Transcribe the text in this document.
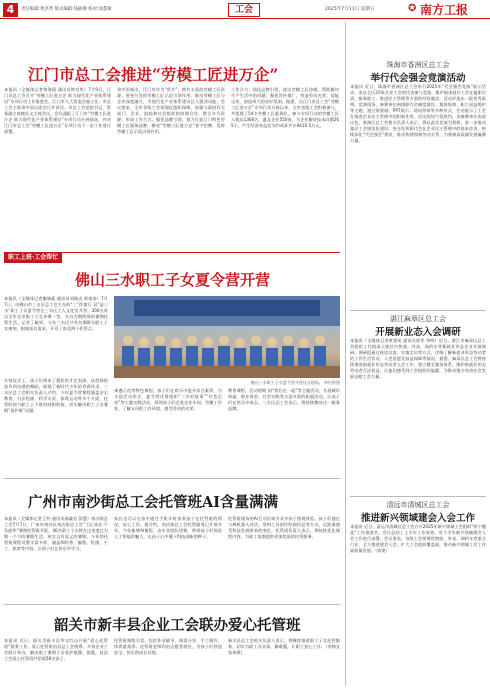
4	责任编辑:黄洪哲 版式编辑:钱丽珊 校对:徐慧敏	工会	2025年7月11日 星期五	✪ 南方工报
江门市总工会推进“劳模工匠进万企”
本报讯（全媒体记者钟海丽 通讯员钟宜华）7月9日，江门市总工会召开“劳模工匠进万企 助力现代化产业体系建设”专项行动工作推进会，江门市人大常委会副主任、市总工会主席余中添出席会议并讲话。市总工会党组书记、常务副主席赖扎文主持会议。会议通报了江门市“劳模工匠进万企 助力现代化产业体系建设”专项行动开展情况，并对江门市总工会“劳模工匠进万企”专项行动下一步工作进行部署。
余中添指出，江门市作为“侨乡”，拥有丰富的劳模工匠资源，要充分发挥劳模工匠示范引领作用，推动劳模工匠与企业深度融合，为现代化产业体系建设注入强劲动能。会议要求，全市各级工会要强化组织保障，加强与政府有关部门、企业、院校和社会组织的协调合作，整合多方资源，形成工作合力；强化品牌引领，着力打造江门特色劳模工匠服务品牌，擦亮“劳模工匠进万企”金字招牌，发挥劳模工匠示范引领作用。
工作合力；强化品牌引领，落实劳模工匠待遇，帮助解决生产生活中的问题；强化宣传推广，营造劳动光荣、技能宝贵、创造伟大的良好氛围。据悉，自江门市总工会“劳模工匠进万企”专项行动开展以来，全市各级工会积极参与，共组建了54支劳模工匠服务队，参与专项行动的劳模工匠人数达1366名，惠及企业550家，为企业解决技术问题265个，产生经济效益及节约成本共计9410.5万元。
职工上班·工会帮忙
佛山三水职工子女夏令营开营
本报讯（全媒体记者谢端素 通讯员刘瑞贞 黄豪涛）7月7日，由佛山市三水区总工会主办的“三”伴童行 双”益三水“职工子女夏令营在三水区工人文化宫开营。300名来自全市企业职工子女齐聚一堂，开启为期两周的暑期托管生活。记者了解到，今年三水区共有名400名职工子女参加，根据家长需求，开设了南北两个托管点。
开营仪式上，孩子们带来了精彩的才艺表演，从悠扬的笛声到动感的舞蹈，展现了新时代少年的青春风采。三水区总工会相关负责人介绍，今年夏令营课程涵盖安全教育、书法绘画、科学实验、体育运动等多个方面，托管时间与职工上下班时间相衔接，切实解决职工子女暑期“看护难”问题。
佛山三水职工子女夏令营开营仪式现场。 单位供图
乘遵示范等特色课程。孩子们在欢乐中提升综合素养。为丰富活动形式，夏令营还将组织“三水好故事”“红色足迹”等主题实践活动，带领孩子们走进企业车间、劳模工作室，了解父母的工作环境，感受劳动的光荣。
教育课程，活动将期 间“我们在一起”等主题活动，开展城市探索、职业体验、社会实践等丰富多彩的拓展活动，让孩子们在快乐中成长。三水区总工会表示，将持续擦亮这一服务品牌。
广州市南沙街总工会托管班AI含量满满
本报讯（全媒体记者王铃 通讯员郝谦君 薛慧）南沙街总工会7月7日，广州市南沙区南沙街总工会“工匠成长·不负韶华”暑期托管班开班。40名职工子女将在这里度过为期一个月的暑期生活，充实且有意义的暑期。今年的托管班课程设置丰富多样，涵盖AI科普、编程、绘画、手工、体育等内容，让孩子们在快乐中学习。
家长也可以在家中通过手机实时查看孩子在托管班的情况，安心工作。据介绍，南沙街总工会托管服务已开展多年，今年新增AI课程，由专业团队授课，带领孩子们体验人工智能的魅力，在孩子心中播下科技创新的种子。
托管班现场的AI互动区吸引众多孩子围观体验。孩子们通过与AI机器人对话、用AI工具创作绘画作品等方式，近距离感受科技发展带来的变化。托管班负责人表示，将持续优化课程内容，为职工家庭提供更加优质的托管服务。
韶关市新丰县企业工会联办爱心托管班
本报讯 近日，韶关市新丰县华宝红山开展“爱心托管班”服务工作。爱心托管班由县总工会统筹、多家企业工会联合举办，解决职工暑期子女看护难题。据悉，此次工会爱心托管班共招收58名孩子。
托管班课程丰富，包括作业辅导、阅读分享、手工制作、体育游戏等。托管班老师均由志愿者担任，为孩子们营造安全、快乐的成长环境。
新丰县总工会相关负责人表示，将继续推进职工子女托管服务，切实为职工办实事、解难题，让职工安心工作。（李锦文 张伟琪）
珠海市香洲区总工会
举行代会强会竞演活动
本报讯 近日，珠海市香洲区总工会举行2025年“代会强会竞演”展示活动。来自全区20家企业工会的代表参与竞演，集中展现基层工会在履职尽责、服务职工、推进民主管理等方面的经验做法，活动评选出一批优秀案例。竞演现场，参赛单位围绕职代会制度建设、集体协商、职工权益维护等主题，通过情景剧、PPT展示、现场答辩等多种形式，生动展示了工会在推进企业民主管理中的积极作用。活动现场气氛热烈，各参赛单位表现出色。香洲区总工会相关负责人表示，将以此次竞演为契机，进一步推动基层工会规范化建设，充分发挥职代会在企业民主管理中的基本作用，持续深化“代会强会”建设，推动构建和谐劳动关系，为香洲高质量发展凝聚力量。
湛江麻章区总工会
开展新业态入会调研
本报讯（全媒体记者黄建英 通讯员郭华 李明）近日，湛江市麻章区总工会组织工作组深入辖区内快递、外卖、网约车等新就业形态企业开展调研。调研组通过座谈交流、实地走访等方式，详细了解新就业形态劳动者的工作生活状况、入会意愿及权益保障等情况。据悉，麻章区总工会将持续推进新就业形态劳动者入会工作，建立健全服务体系，维护新就业形态劳动者合法权益，让他们感受到工会组织的温暖，为推动地方经济社会发展贡献工会力量。
清远市清城区总工会
推进新兴领域建会入会工作
本报讯 近日，清远市清城区总工会召开2025年新兴领域工会组织“两个覆盖”工作推进会。会议总结了上半年工作成效，对下半年新兴领域建会入会工作进行部署。会议要求，各级工会要聚焦物流、外卖、网约车等重点行业，全力推进建会入会，扩大工会组织覆盖面，推动新兴领域工会工作高质量发展。（陈建）
